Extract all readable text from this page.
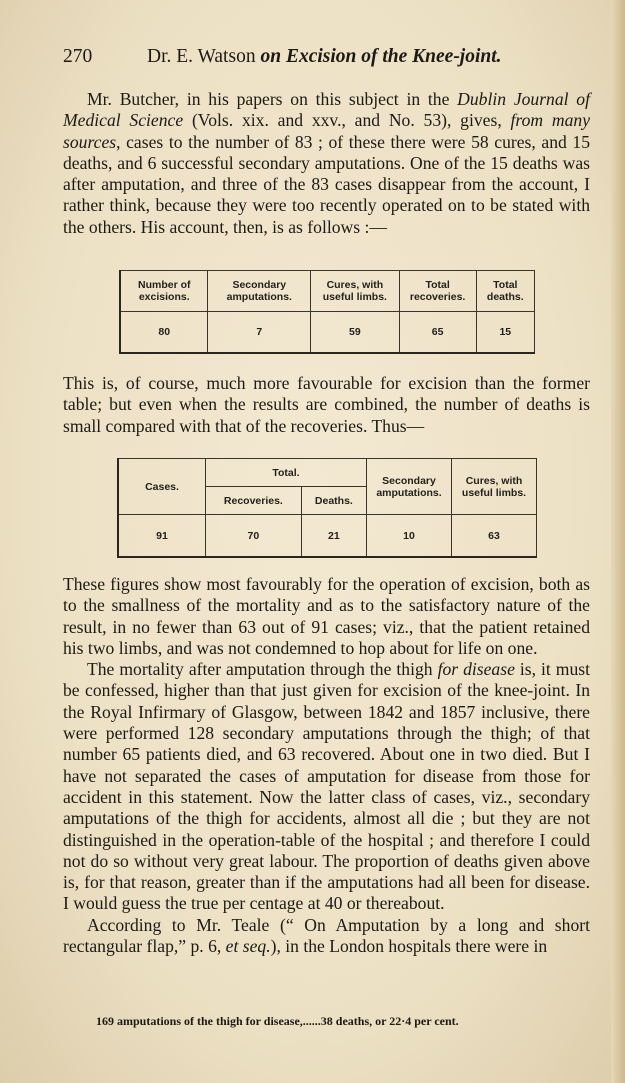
270	Dr. E. Watson on Excision of the Knee-joint.

Mr. Butcher, in his papers on this subject in the Dublin Journal of Medical Science (Vols. xix. and xxv., and No. 53), gives, from many sources, cases to the number of 83 ; of these there were 58 cures, and 15 deaths, and 6 successful secondary amputations. One of the 15 deaths was after amputation, and three of the 83 cases disappear from the account, I rather think, because they were too recently operated on to be stated with the others. His account, then, is as follows :—

Number of excisions.	Secondary amputations.	Cures, with useful limbs.	Total recoveries.	Total deaths.
80	7	59	65	15

This is, of course, much more favourable for excision than the former table; but even when the results are combined, the number of deaths is small compared with that of the recoveries. Thus—

Cases.	Total.		Secondary amputations.	Cures, with useful limbs.
	Recoveries.	Deaths.		
91	70	21	10	63

These figures show most favourably for the operation of excision, both as to the smallness of the mortality and as to the satisfactory nature of the result, in no fewer than 63 out of 91 cases; viz., that the patient retained his two limbs, and was not condemned to hop about for life on one.

The mortality after amputation through the thigh for disease is, it must be confessed, higher than that just given for excision of the knee-joint. In the Royal Infirmary of Glasgow, between 1842 and 1857 inclusive, there were performed 128 secondary amputations through the thigh; of that number 65 patients died, and 63 recovered. About one in two died. But I have not separated the cases of amputation for disease from those for accident in this statement. Now the latter class of cases, viz., secondary amputations of the thigh for accidents, almost all die ; but they are not distinguished in the operation-table of the hospital ; and therefore I could not do so without very great labour. The proportion of deaths given above is, for that reason, greater than if the amputations had all been for disease. I would guess the true per centage at 40 or thereabout.

According to Mr. Teale (“ On Amputation by a long and short rectangular flap,” p. 6, et seq.), in the London hospitals there were in

169 amputations of the thigh for disease,......38 deaths, or 22·4 per cent.
